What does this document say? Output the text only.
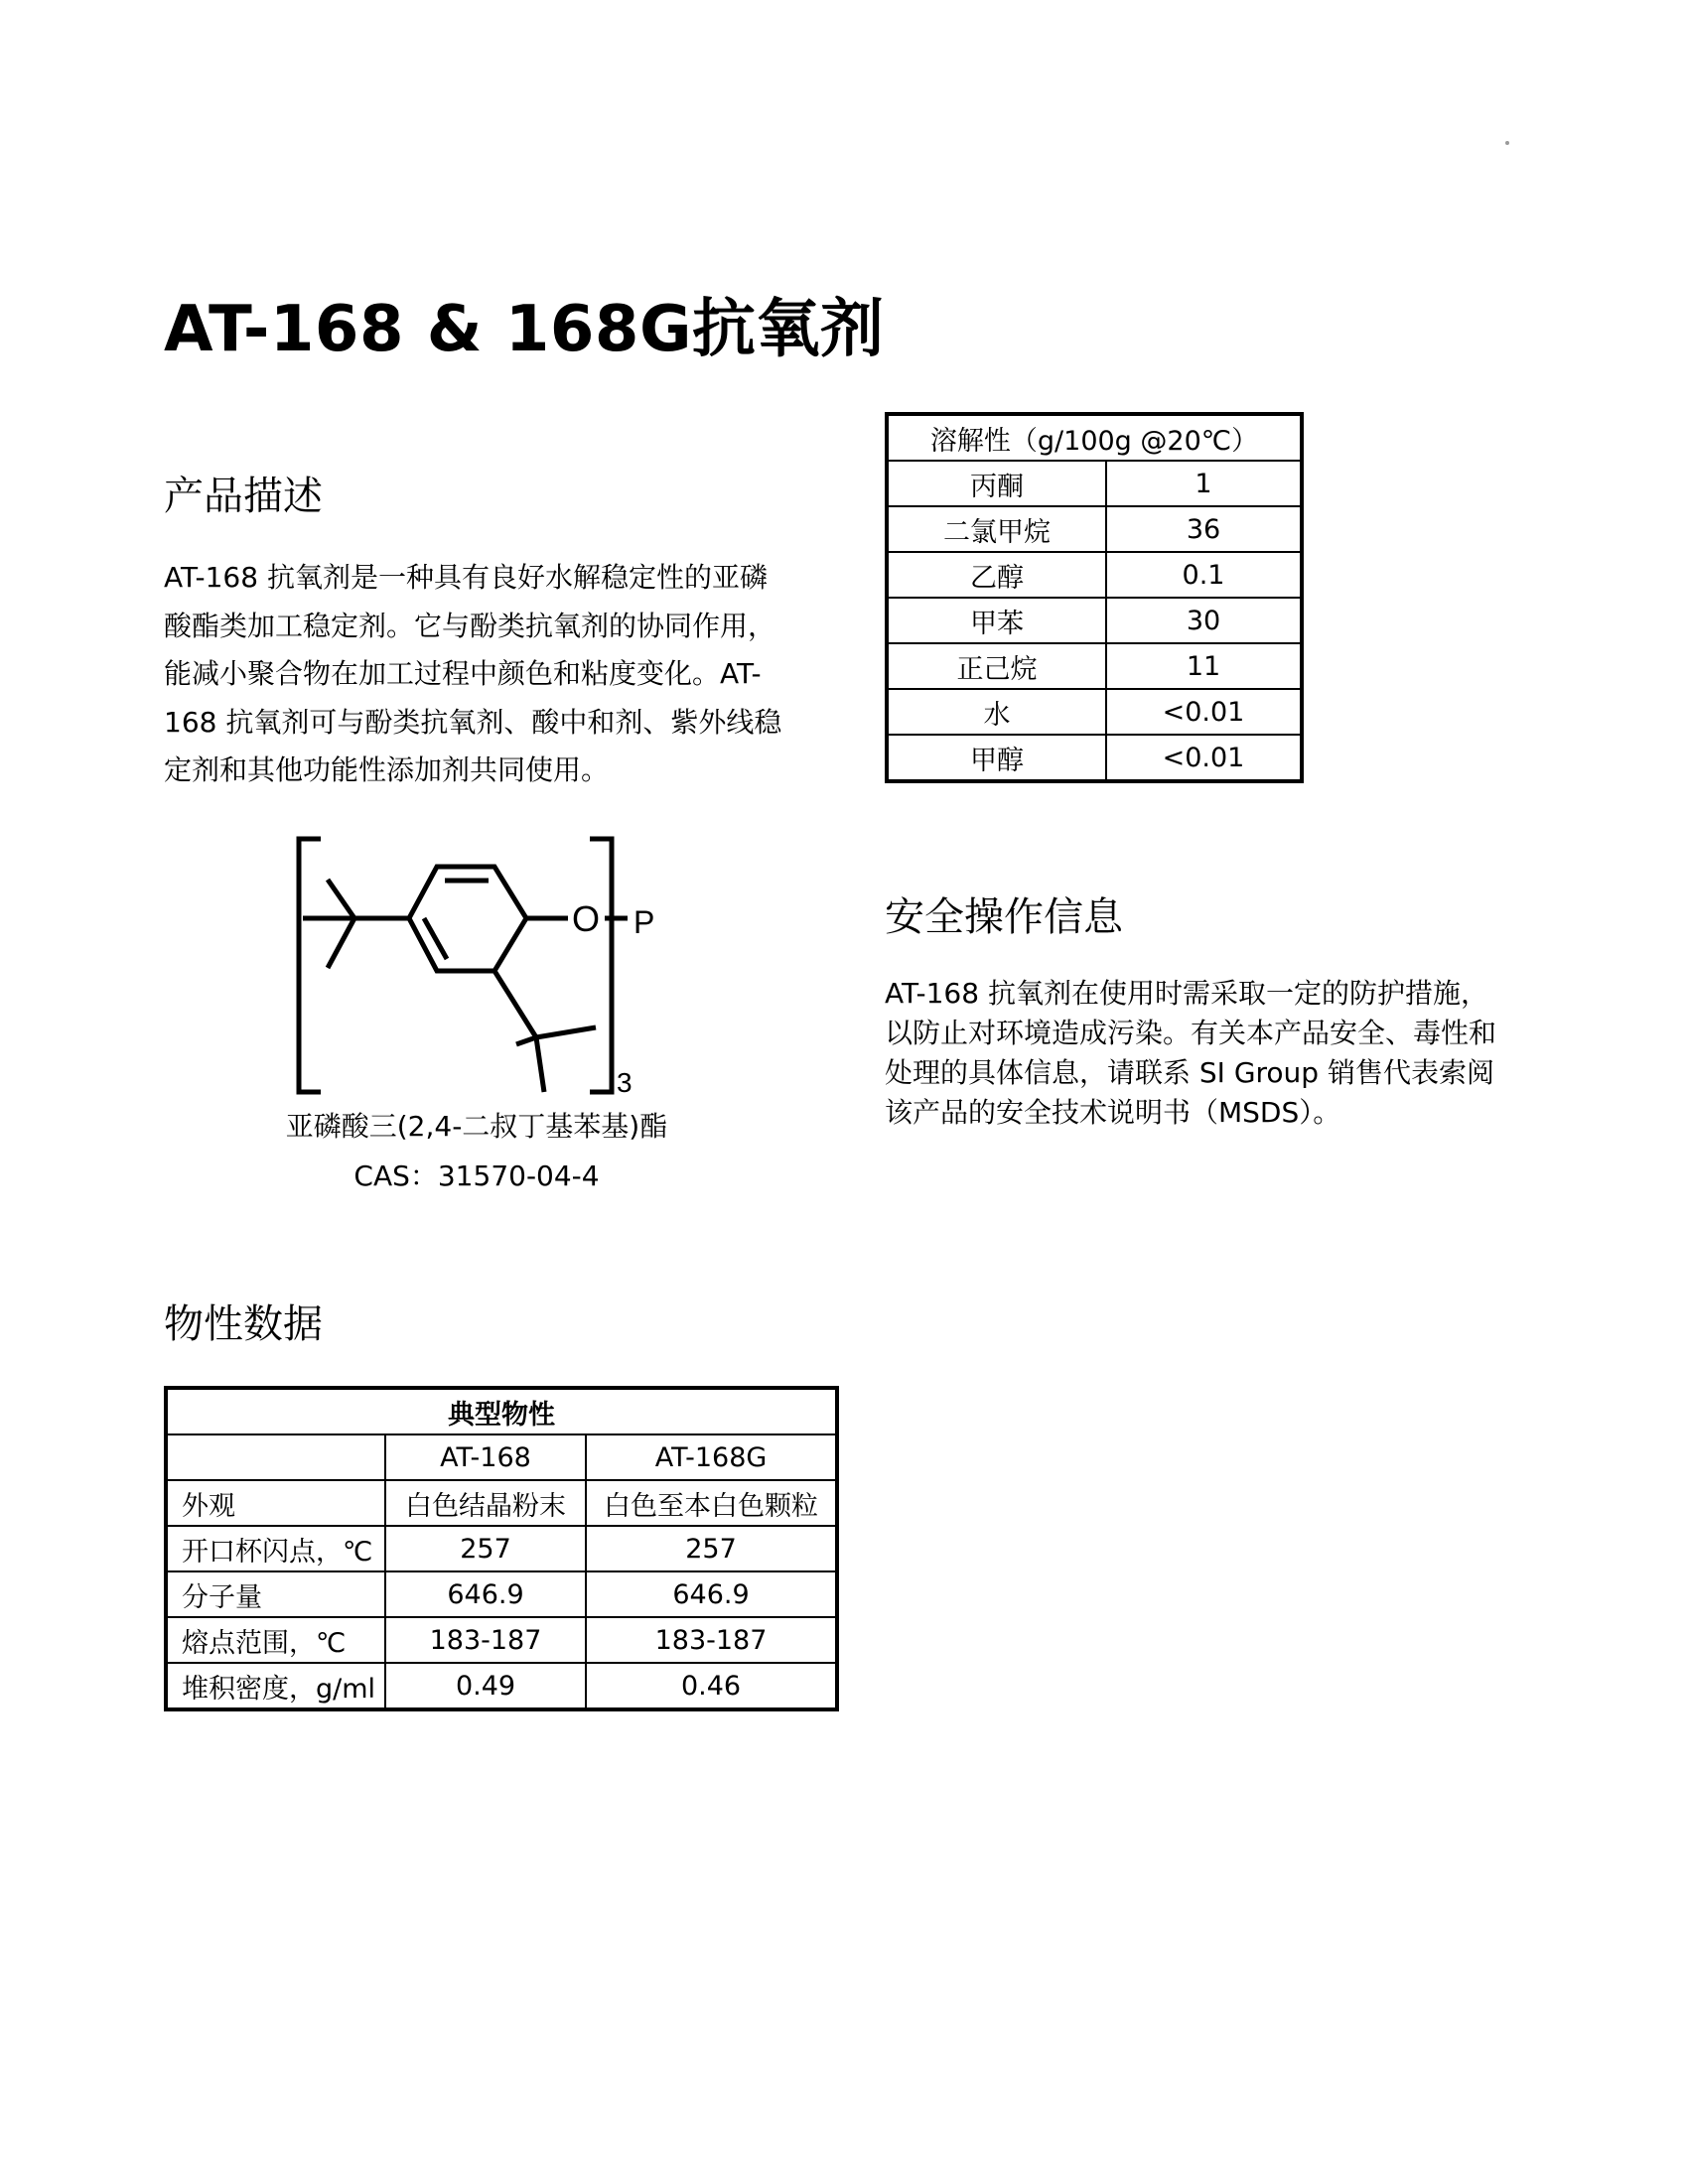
AT-168 & 168G抗氧剂
产品描述
AT-168 抗氧剂是一种具有良好水解稳定性的亚磷
酸酯类加工稳定剂。它与酚类抗氧剂的协同作用，
能减小聚合物在加工过程中颜色和粘度变化。AT-
168 抗氧剂可与酚类抗氧剂、酸中和剂、紫外线稳
定剂和其他功能性添加剂共同使用。
O P
3
亚磷酸三(2,4-二叔丁基苯基)酯
CAS：31570-04-4
溶解性（g/100g @20℃）	
丙酮	1
二氯甲烷	36
乙醇	0.1
甲苯	30
正己烷	11
水	<0.01
甲醇	<0.01
安全操作信息
AT-168 抗氧剂在使用时需采取一定的防护措施，
以防止对环境造成污染。有关本产品安全、毒性和
处理的具体信息，请联系 SI Group 销售代表索阅
该产品的安全技术说明书（MSDS）。
物性数据
典型物性		
	AT-168	AT-168G
外观	白色结晶粉末	白色至本白色颗粒
开口杯闪点，℃	257	257
分子量	646.9	646.9
熔点范围，℃	183-187	183-187
堆积密度，g/ml	0.49	0.46
